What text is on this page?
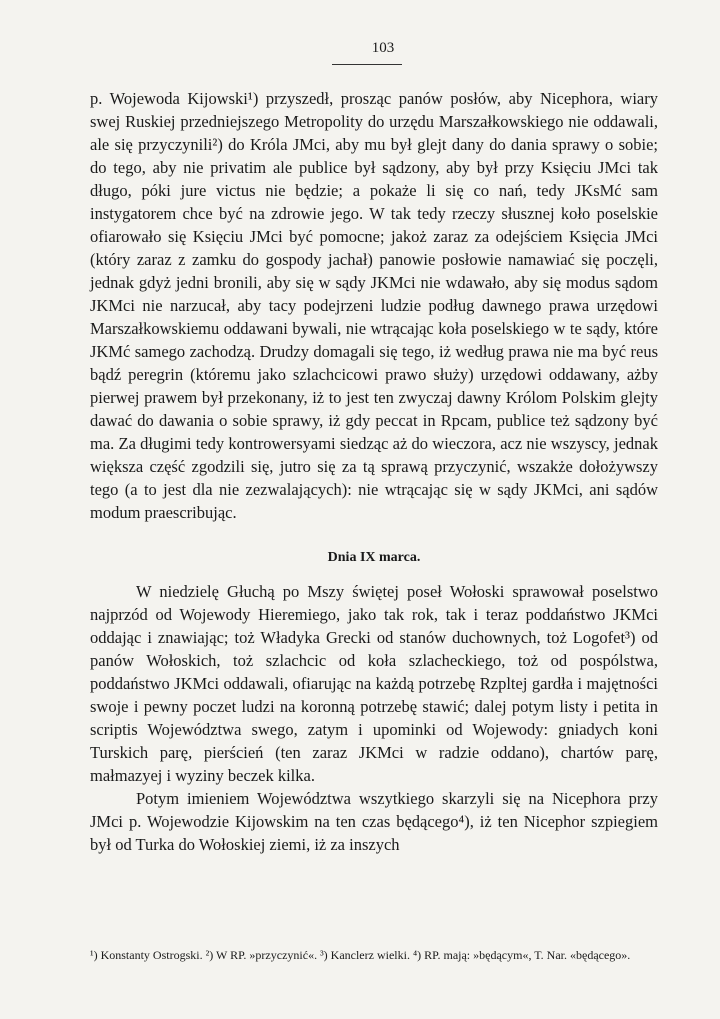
103

p. Wojewoda Kijowski¹) przyszedł, prosząc panów posłów, aby Nicephora, wiary swej Ruskiej przedniejszego Metropolity do urzędu Marszałkowskiego nie oddawali, ale się przyczynili²) do Króla JMci, aby mu był glejt dany do dania sprawy o sobie; do tego, aby nie privatim ale publice był sądzony, aby był przy Księciu JMci tak długo, póki jure victus nie będzie; a pokaże li się co nań, tedy JKsMć sam instygatorem chce być na zdrowie jego. W tak tedy rzeczy słusznej koło poselskie ofiarowało się Księciu JMci być pomocne; jakoż zaraz za odejściem Księcia JMci (który zaraz z zamku do gospody jachał) panowie posłowie namawiać się poczęli, jednak gdyż jedni bronili, aby się w sądy JKMci nie wdawało, aby się modus sądom JKMci nie narzucał, aby tacy podejrzeni ludzie podług dawnego prawa urzędowi Marszałkowskiemu oddawani bywali, nie wtrącając koła poselskiego w te sądy, które JKMć samego zachodzą. Drudzy domagali się tego, iż według prawa nie ma być reus bądź peregrin (któremu jako szlachcicowi prawo służy) urzędowi oddawany, ażby pierwej prawem był przekonany, iż to jest ten zwyczaj dawny Królom Polskim glejty dawać do dawania o sobie sprawy, iż gdy peccat in Rpcam, publice też sądzony być ma. Za długimi tedy kontrowersyami siedząc aż do wieczora, acz nie wszyscy, jednak większa część zgodzili się, jutro się za tą sprawą przyczynić, wszakże dołożywszy tego (a to jest dla nie zezwalających): nie wtrącając się w sądy JKMci, ani sądów modum praescribując.

Dnia IX marca.

W niedzielę Głuchą po Mszy świętej poseł Wołoski sprawował poselstwo najprzód od Wojewody Hieremiego, jako tak rok, tak i teraz poddaństwo JKMci oddając i znawiając; toż Władyka Grecki od stanów duchownych, toż Logofet³) od panów Wołoskich, toż szlachcic od koła szlacheckiego, toż od pospólstwa, poddaństwo JKMci oddawali, ofiarując na każdą potrzebę Rzpltej gardła i majętności swoje i pewny poczet ludzi na koronną potrzebę stawić; dalej potym listy i petita in scriptis Województwa swego, zatym i upominki od Wojewody: gniadych koni Turskich parę, pierścień (ten zaraz JKMci w radzie oddano), chartów parę, małmazyej i wyziny beczek kilka.

Potym imieniem Województwa wszytkiego skarzyli się na Nicephora przy JMci p. Wojewodzie Kijowskim na ten czas będącego⁴), iż ten Nicephor szpiegiem był od Turka do Wołoskiej ziemi, iż za inszych

¹) Konstanty Ostrogski. ²) W RP. »przyczynić«. ³) Kanclerz wielki. ⁴) RP. mają: »będącym«, T. Nar. «będącego».
